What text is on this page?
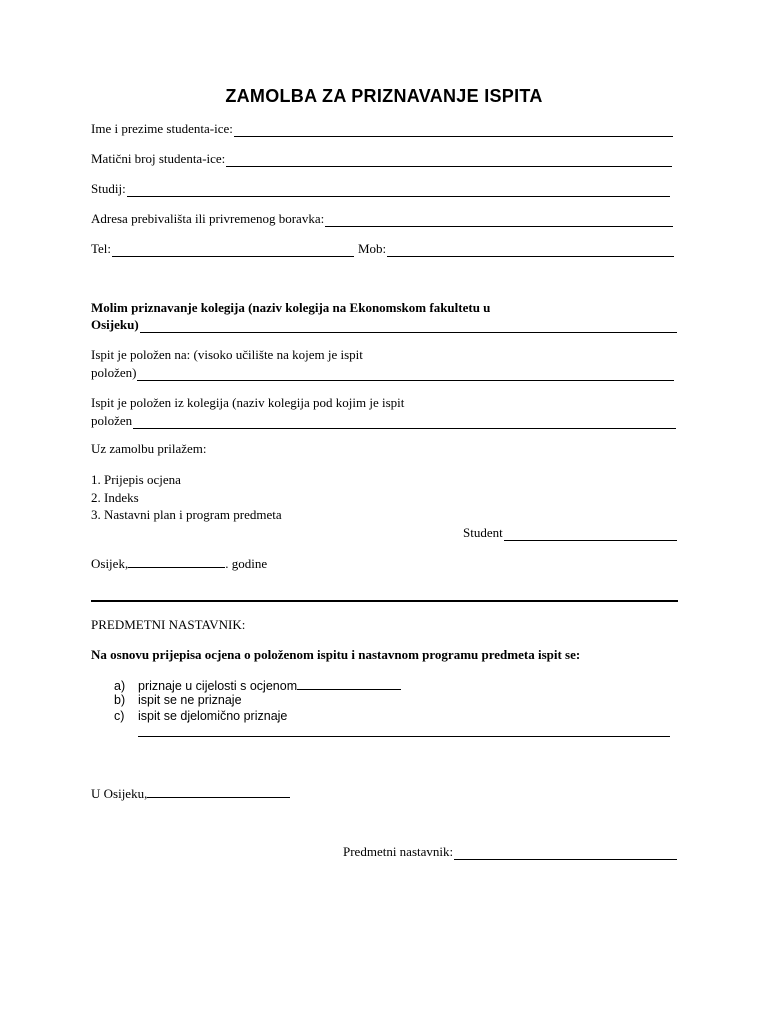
ZAMOLBA ZA PRIZNAVANJE ISPITA
Ime i prezime studenta-ice:
Matični broj studenta-ice:
Studij:
Adresa prebivališta ili privremenog boravka:
Tel:	Mob:
Molim priznavanje kolegija (naziv kolegija na Ekonomskom fakultetu u
Osijeku)
Ispit je položen na: (visoko učilište na kojem je ispit
položen)
Ispit je položen iz kolegija (naziv kolegija pod kojim je ispit
položen
Uz zamolbu prilažem:
1. Prijepis ocjena
2. Indeks
3. Nastavni plan i program predmeta
Student
Osijek,	. godine
PREDMETNI NASTAVNIK:
Na osnovu prijepisa ocjena o položenom ispitu i nastavnom programu predmeta ispit se:
a) priznaje u cijelosti s ocjenom
b) ispit se ne priznaje
c) ispit se djelomično priznaje
U Osijeku,
Predmetni nastavnik:
